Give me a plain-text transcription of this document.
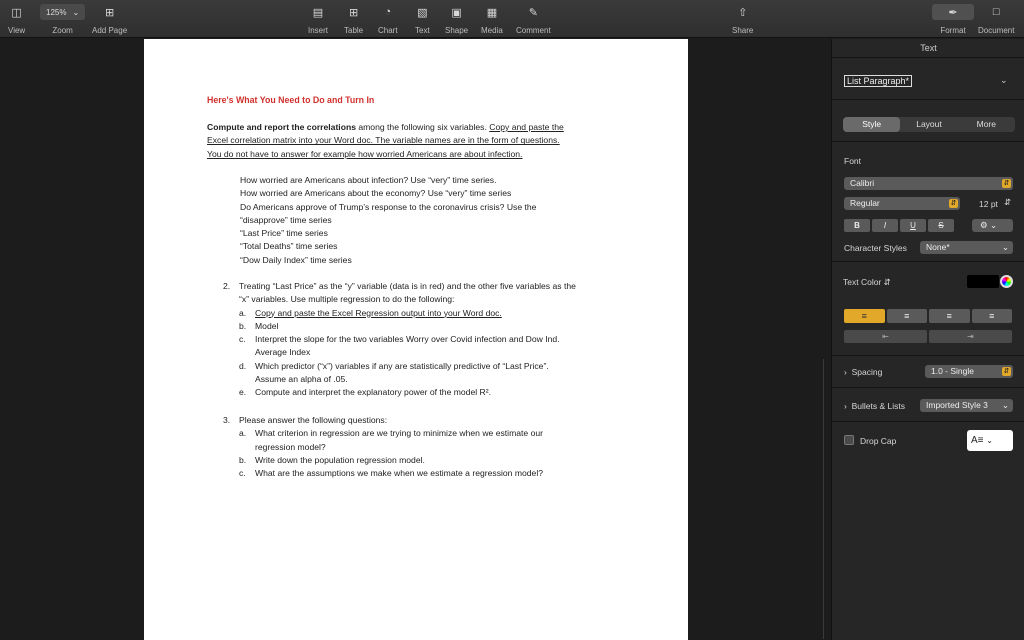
◫
View
125% ⌄
Zoom
⊞
Add Page
▤
Insert
⊞
Table
◔
Chart
▧
Text
▣
Shape
▦
Media
✎
Comment
⇧
Share
✒
Format
□
Document
Here's What You Need to Do and Turn In
Compute and report the correlations among the following six variables. Copy and paste the
Excel correlation matrix into your Word doc. The variable names are in the form of questions.
You do not have to answer for example how worried Americans are about infection.
How worried are Americans about infection? Use “very” time series.
How worried are Americans about the economy? Use “very” time series
Do Americans approve of Trump’s response to the coronavirus crisis? Use the
“disapprove” time series
“Last Price” time series
“Total Deaths” time series
“Dow Daily Index” time series
2. Treating “Last Price” as the “y” variable (data is in red) and the other five variables as the
“x” variables. Use multiple regression to do the following:
a. Copy and paste the Excel Regression output into your Word doc.
b. Model
c. Interpret the slope for the two variables Worry over Covid infection and Dow Ind.
Average Index
d. Which predictor (“x”) variables if any are statistically predictive of “Last Price”.
Assume an alpha of .05.
e. Compute and interpret the explanatory power of the model R².
3. Please answer the following questions:
a. What criterion in regression are we trying to minimize when we estimate our
regression model?
b. Write down the population regression model.
c. What are the assumptions we make when we estimate a regression model?
Text
List Paragraph*	⌄
Style	Layout	More
Font
Calibri	⇵
Regular	⇵	12 pt ⇵
B	I	U	S	⚙ ⌄
Character Styles	None*	⌄
Text Color ⇵
≡	≡	≡	≡
⇤	⇥
› Spacing	1.0 - Single	⇵
› Bullets & Lists	Imported Style 3 ⌄
Drop Cap	A≡ ⌄
